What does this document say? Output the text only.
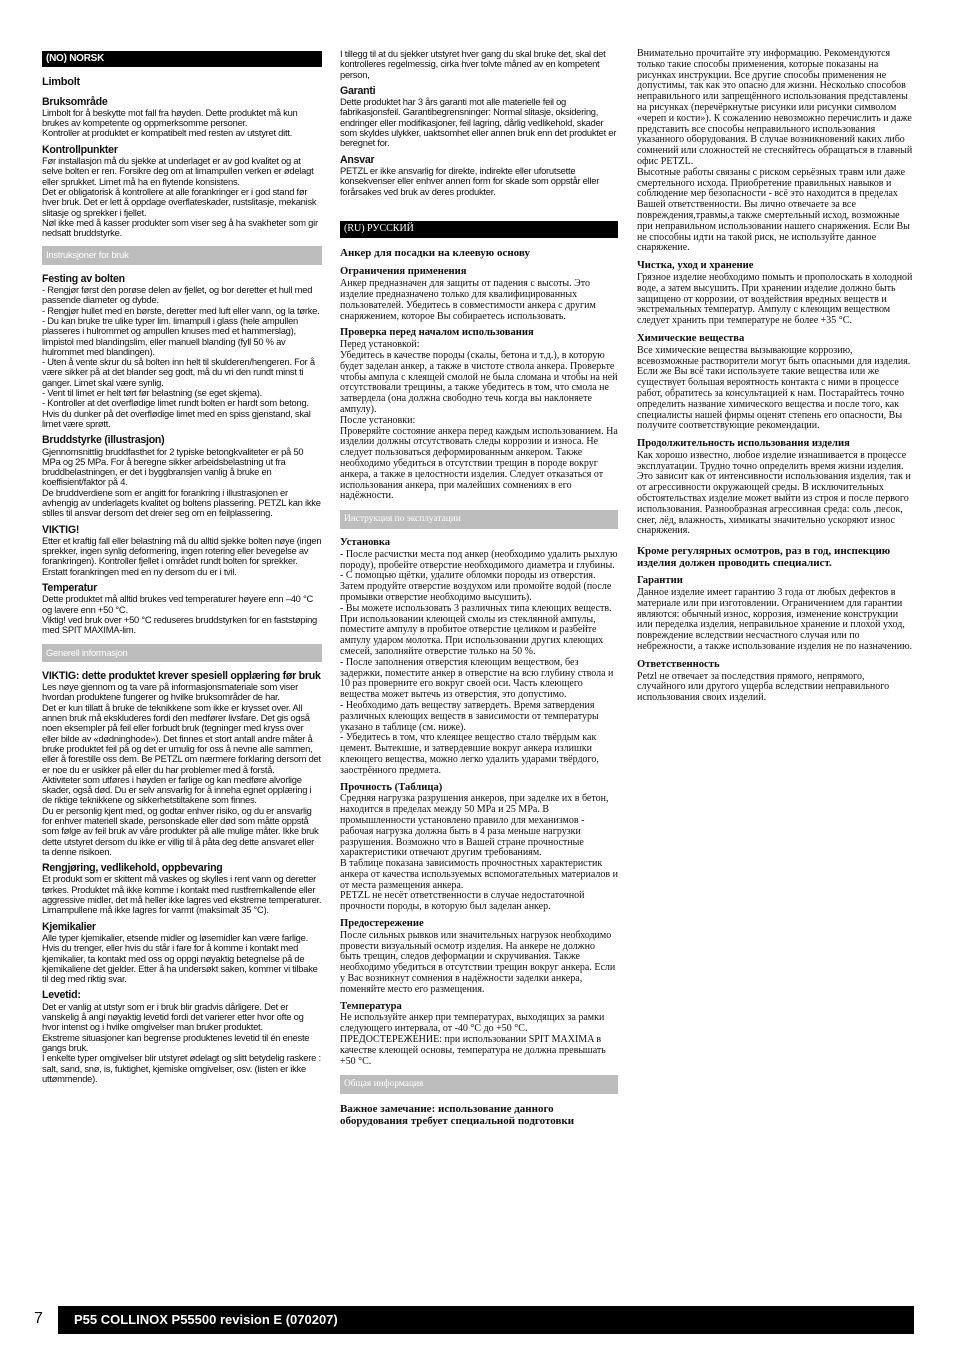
(NO) NORSK
Limbolt
Bruksområde

Limbolt for å beskytte mot fall fra høyden. Dette produktet må kun brukes av kompetente og oppmerksomme personer.
Kontroller at produktet er kompatibelt med resten av utstyret ditt.

Kontrollpunkter

Før installasjon må du sjekke at underlaget er av god kvalitet og at selve bolten er ren. Forsikre deg om at limampullen verken er ødelagt eller sprukket. Limet må ha en flytende konsistens.
Det er obligatorisk å kontrollere at alle forankringer er i god stand før hver bruk. Det er lett å oppdage overflateskader, rustslitasje, mekanisk slitasje og sprekker i fjellet.
Nøl ikke med å kasser produkter som viser seg å ha svakheter som gir nedsatt bruddstyrke.

Instruksjoner for bruk
Festing av bolten

- Rengjør først den porøse delen av fjellet, og bor deretter et hull med passende diameter og dybde.
- Rengjør hullet med en børste, deretter med luft eller vann, og la tørke.
- Du kan bruke tre ulike typer lim. limampull i glass (hele ampullen plasseres i hulrommet og ampullen knuses med et hammerslag), limpistol med blandingslim, eller manuell blanding (fyll 50 % av hulrommet med blandingen).
- Uten å vente skrur du så bolten inn helt til skulderen/hengeren. For å være sikker på at det blander seg godt, må du vri den rundt minst ti ganger. Limet skal være synlig.
- Vent til limet er helt tørt før belastning (se eget skjema).
- Kontroller at det overflødige limet rundt bolten er hardt som betong. Hvis du dunker på det overflødige limet med en spiss gjenstand, skal limet være sprøtt.

Bruddstyrke (illustrasjon)

Gjennomsnittlig bruddfasthet for 2 typiske betongkvaliteter er på 50 MPa og 25 MPa. For å beregne sikker arbeidsbelastning ut fra bruddbelastningen, er det i byggbransjen vanlig å bruke en koeffisient/faktor på 4.
De bruddverdiene som er angitt for forankring i illustrasjonen er avhengig av underlagets kvalitet og boltens plassering. PETZL kan ikke stilles til ansvar dersom det dreier seg om en feilplassering.

VIKTIG!

Etter et kraftig fall eller belastning må du alltid sjekke bolten nøye (ingen sprekker, ingen synlig deformering, ingen rotering eller bevegelse av forankringen). Kontroller fjellet i området rundt bolten for sprekker. Erstatt forankringen med en ny dersom du er i tvil.

Temperatur

Dette produktet må alltid brukes ved temperaturer høyere enn –40 °C og lavere enn +50 °C.
Viktig! ved bruk over +50 °C reduseres bruddstyrken for en faststøping med SPIT MAXIMA-lim.

Generell informasjon
VIKTIG: dette produktet krever spesiell opplæring før bruk

Les nøye gjennom og ta vare på informasjonsmateriale som viser hvordan produktene fungerer og hvilke bruksområder de har.
Det er kun tillatt å bruke de teknikkene som ikke er krysset over. All annen bruk må ekskluderes fordi den medfører livsfare. Det gis også noen eksempler på feil eller forbudt bruk (tegninger med kryss over eller bilde av «dødninghode»). Det finnes et stort antall andre måter å bruke produktet feil på og det er umulig for oss å nevne alle sammen, eller å forestille oss dem. Be PETZL om nærmere forklaring dersom det er noe du er usikker på eller du har problemer med å forstå.
Aktiviteter som utføres i høyden er farlige og kan medføre alvorlige skader, også død. Du er selv ansvarlig for å inneha egnet opplæring i de riktige teknikkene og sikkerhetstiltakene som finnes.
Du er personlig kjent med, og godtar enhver risiko, og du er ansvarlig for enhver materiell skade, personskade eller død som måtte oppstå som følge av feil bruk av våre produkter på alle mulige måter. Ikke bruk dette utstyret dersom du ikke er villig til å påta deg dette ansvaret eller ta denne risikoen.

Rengjøring, vedlikehold, oppbevaring

Et produkt som er skittent må vaskes og skylles i rent vann og deretter tørkes. Produktet må ikke komme i kontakt med rustfremkallende eller aggressive midler, det må heller ikke lagres ved ekstreme temperaturer. Limampullene må ikke lagres for varmt (maksimalt 35 °C).

Kjemikalier

Alle typer kjemikalier, etsende midler og løsemidler kan være farlige. Hvis du trenger, eller hvis du står i fare for å komme i kontakt med kjemikalier, ta kontakt med oss og oppgi nøyaktig betegnelse på de kjemikaliene det gjelder. Etter å ha undersøkt saken, kommer vi tilbake til deg med riktig svar.

Levetid:

Det er vanlig at utstyr som er i bruk blir gradvis dårligere. Det er vanskelig å angi nøyaktig levetid fordi det varierer etter hvor ofte og hvor intenst og i hvilke omgivelser man bruker produktet.
Ekstreme situasjoner kan begrense produktenes levetid til én eneste gangs bruk.
I enkelte typer omgivelser blir utstyret ødelagt og slitt betydelig raskere : salt, sand, snø, is, fuktighet, kjemiske omgivelser, osv. (listen er ikke uttømmende).

I tillegg til at du sjekker utstyret hver gang du skal bruke det, skal det kontrolleres regelmessig, cirka hver tolvte måned av en kompetent person,

Garanti

Dette produktet har 3 års garanti mot alle materielle feil og fabrikasjonsfeil. Garantibegrensninger: Normal slitasje, oksidering, endringer eller modifikasjoner, feil lagring, dårlig vedlikehold, skader som skyldes ulykker, uaktsomhet eller annen bruk enn det produktet er beregnet for.

Ansvar

PETZL er ikke ansvarlig for direkte, indirekte eller uforutsette konsekvenser eller enhver annen form for skade som oppstår eller forårsakes ved bruk av deres produkter.

(RU) РУССКИЙ
Анкер для посадки на клеевую основу
Ограничения применения

Анкер предназначен для защиты от падения с высоты. Это изделие предназначено только для квалифицированных пользователей. Убедитесь в совместимости анкера с другим снаряжением, которое Вы собираетесь использовать.

Проверка перед началом использования

Перед установкой:
Убедитесь в качестве породы (скалы, бетона и т.д.), в которую будет заделан анкер, а также в чистоте ствола анкера. Проверьте чтобы ампула с клеящей смолой не была сломана и чтобы на ней отсутствовали трещины, а также убедитесь в том, что смола не затвердела (она должна свободно течь когда вы наклоняете ампулу).
После установки:
Проверяйте состояние анкера перед каждым использованием. На изделии должны отсутствовать следы коррозии и износа. Не следует пользоваться деформированным анкером. Также необходимо убедиться в отсутствии трещин в породе вокруг анкера, а также в целостности изделия. Следует отказаться от использования анкера, при малейших сомнениях в его надёжности.

Инструкция по эксплуатации
Установка

- После расчистки места под анкер (необходимо удалить рыхлую породу), пробейте отверстие необходимого диаметра и глубины.
- С помощью щётки, удалите обломки породы из отверстия. Затем продуйте отверстие воздухом или промойте водой (после промывки отверстие необходимо высушить).
- Вы можете использовать 3 различных типа клеющих веществ. При использовании клеющей смолы из стеклянной ампулы, поместите ампулу в пробитое отверстие целиком и разбейте ампулу ударом молотка. При использовании других клеющих смесей, заполняйте отверстие только на 50 %.
- После заполнения отверстия клеющим веществом, без задержки, поместите анкер в отверстие на всю глубину ствола и 10 раз проверните его вокруг своей оси. Часть клеющего вещества может вытечь из отверстия, это допустимо.
- Необходимо дать веществу затвердеть. Время затвердения различных клеющих веществ в зависимости от температуры указано в таблице (см. ниже).
- Убедитесь в том, что клеящее вещество стало твёрдым как цемент. Вытекшие, и затвердевшие вокруг анкера излишки клеющего вещества, можно легко удалить ударами твёрдого, заострённого предмета.

Прочность (Таблица)

Средняя нагрузка разрушения анкеров, при заделке их в бетон, находится в пределах между 50 MPa и 25 MPa. В промышленности установлено правило для механизмов - рабочая нагрузка должна быть в 4 раза меньше нагрузки разрушения. Возможно что в Вашей стране прочностные характеристики отвечают другим требованиям.
В таблице показана зависимость прочностных характеристик анкера от качества используемых вспомогательных материалов и от места размещения анкера.
PETZL не несёт ответственности в случае недостаточной прочности породы, в которую был заделан анкер.

Предостережение

После сильных рывков или значительных нагрузок необходимо провести визуальный осмотр изделия. На анкере не должно быть трещин, следов деформации и скручивания. Также необходимо убедиться в отсутствии трещин вокруг анкера. Если у Вас возникнут сомнения в надёжности заделки анкера, поменяйте место его размещения.

Температура

Не используйте анкер при температурах, выходящих за рамки следующего интервала, от -40 °C до +50 °C.
ПРЕДОСТЕРЕЖЕНИЕ: при использовании SPIT MAXIMA в качестве клеющей основы, температура не должна превышать +50 °C.

Общая информация

Важное замечание: использование данного оборудования требует специальной подготовки

Внимательно прочитайте эту информацию. Рекомендуются только такие способы применения, которые показаны на рисунках инструкции. Все другие способы применения не допустимы, так как это опасно для жизни. Несколько способов неправильного или запрещённого использования представлены на рисунках (перечёркнутые рисунки или рисунки символом «череп и кости»). К сожалению невозможно перечислить и даже представить все способы неправильного использования указанного оборудования. В случае возникновений каких либо сомнений или сложностей не стесняйтесь обращаться в главный офис PETZL.
Высотные работы связаны с риском серьёзных травм или даже смертельного исхода. Приобретение правильных навыков и соблюдение мер безопасности - всё это находится в пределах Вашей ответственности. Вы лично отвечаете за все повреждения,травмы,а также смертельный исход, возможные при неправильном использовании нашего снаряжения. Если Вы не способны идти на такой риск, не используйте данное снаряжение.

Чистка, уход и хранение

Грязное изделие необходимо помыть и прополоскать в холодной воде, а затем высушить. При хранении изделие должно быть защищено от коррозии, от воздействия вредных веществ и экстремальных температур. Ампулу с клеющим веществом следует хранить при температуре не более +35 °C.

Химические вещества

Все химические вещества вызывающие коррозию, всевозможные растворители могут быть опасными для изделия. Если же Вы всё таки используете такие вещества или же существует большая вероятность контакта с ними в процессе работ, обратитесь за консультацией к нам. Постарайтесь точно определить название химического вещества и после того, как специалисты нашей фирмы оценят степень его опасности, Вы получите соответствующие рекомендации.

Продолжительность использования изделия

Как хорошо известно, любое изделие изнашивается в процессе эксплуатации. Трудно точно определить время жизни изделия. Это зависит как от интенсивности использования изделия, так и от агрессивности окружающей среды. В исключительных обстоятельствах изделие может выйти из строя и после первого использования. Разнообразная агрессивная среда: соль ,песок, снег, лёд, влажность, химикаты значительно ускоряют износ снаряжения.

Кроме регулярных осмотров, раз в год, инспекцию изделия должен проводить специалист.

Гарантии

Данное изделие имеет гарантию 3 года от любых дефектов в материале или при изготовлении. Ограничением для гарантии являются: обычный износ, коррозия, изменение конструкции или переделка изделия, неправильное хранение и плохой уход, повреждение вследствии несчастного случая или по небрежности, а также использование изделия не по назначению.

Ответственность

Petzl не отвечает за последствия прямого, непрямого, случайного или другого ущерба вследствии неправильного использования своих изделий.

7	P55 COLLINOX P55500 revision E (070207)
